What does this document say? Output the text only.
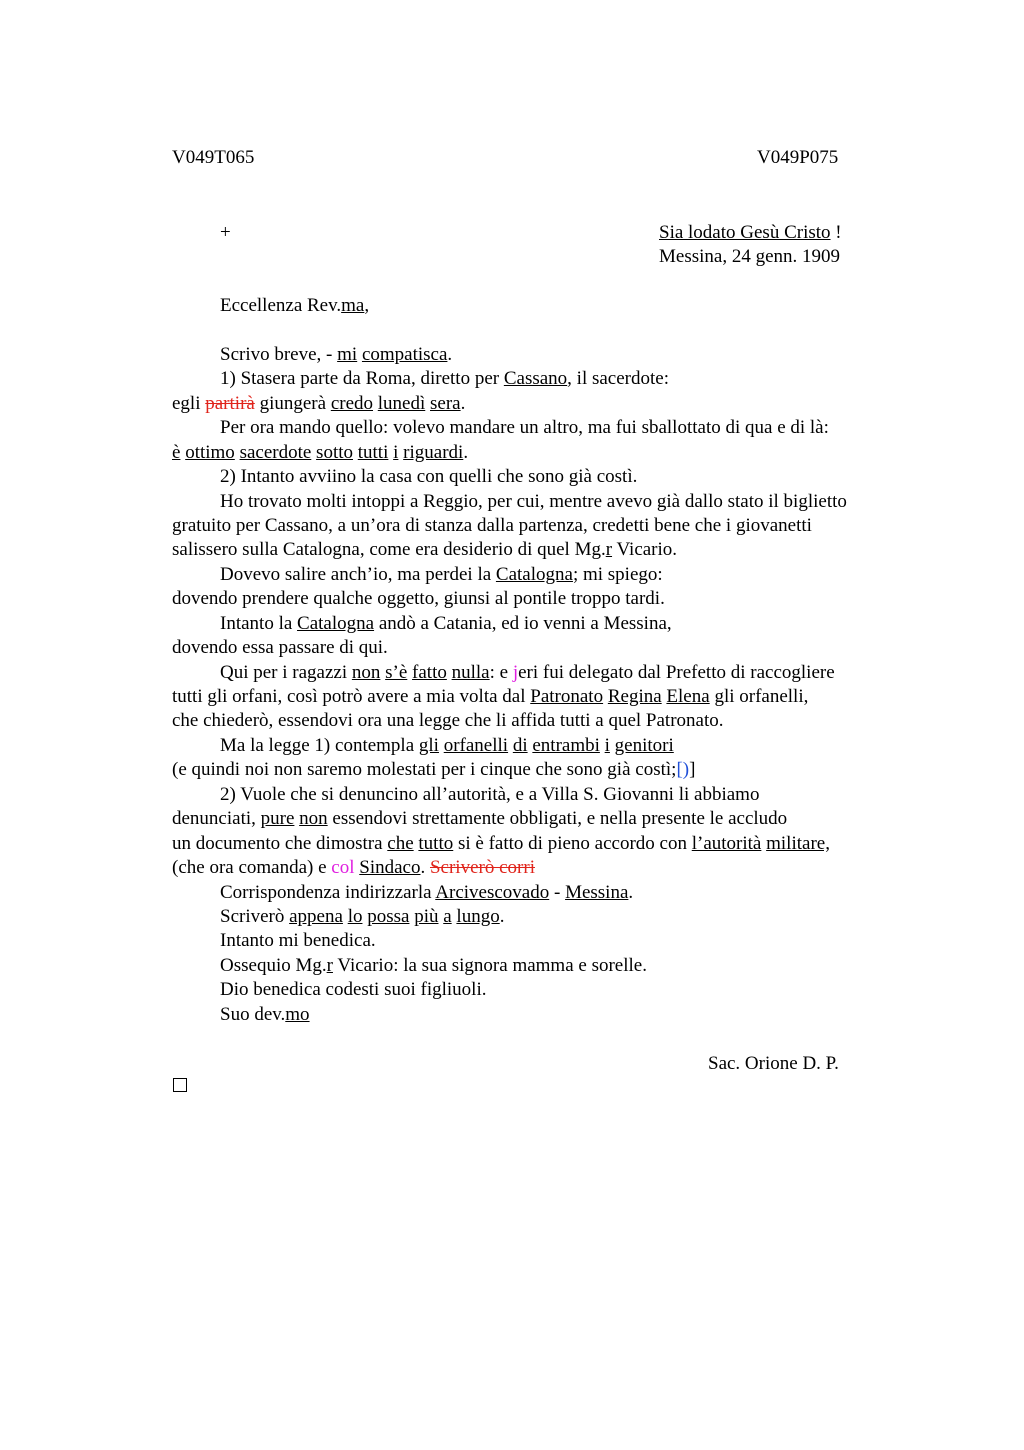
V049T065	V049P075
+	Sia lodato Gesù Cristo !
Messina, 24 genn. 1909
Eccellenza Rev.ma,
Scrivo breve, - mi compatisca.
1) Stasera parte da Roma, diretto per Cassano, il sacerdote:
egli partirà giungerà credo lunedì sera.
Per ora mando quello: volevo mandare un altro, ma fui sballottato di qua e di là:
è ottimo sacerdote sotto tutti i riguardi.
2) Intanto avviino la casa con quelli che sono già costì.
Ho trovato molti intoppi a Reggio, per cui, mentre avevo già dallo stato il biglietto
gratuito per Cassano, a un’ora di stanza dalla partenza, credetti bene che i giovanetti
salissero sulla Catalogna, come era desiderio di quel Mg.r Vicario.
Dovevo salire anch’io, ma perdei la Catalogna; mi spiego:
dovendo prendere qualche oggetto, giunsi al pontile troppo tardi.
Intanto la Catalogna andò a Catania, ed io venni a Messina,
dovendo essa passare di qui.
Qui per i ragazzi non s’è fatto nulla: e jeri fui delegato dal Prefetto di raccogliere
tutti gli orfani, così potrò avere a mia volta dal Patronato Regina Elena gli orfanelli,
che chiederò, essendovi ora una legge che li affida tutti a quel Patronato.
Ma la legge 1) contempla gli orfanelli di entrambi i genitori
(e quindi noi non saremo molestati per i cinque che sono già costì;[)]
2) Vuole che si denuncino all’autorità, e a Villa S. Giovanni li abbiamo
denunciati, pure non essendovi strettamente obbligati, e nella presente le accludo
un documento che dimostra che tutto si è fatto di pieno accordo con l’autorità militare,
(che ora comanda) e col Sindaco. Scriverò corri
Corrispondenza indirizzarla Arcivescovado - Messina.
Scriverò appena lo possa più a lungo.
Intanto mi benedica.
Ossequio Mg.r Vicario: la sua signora mamma e sorelle.
Dio benedica codesti suoi figliuoli.
Suo dev.mo
Sac. Orione D. P.
